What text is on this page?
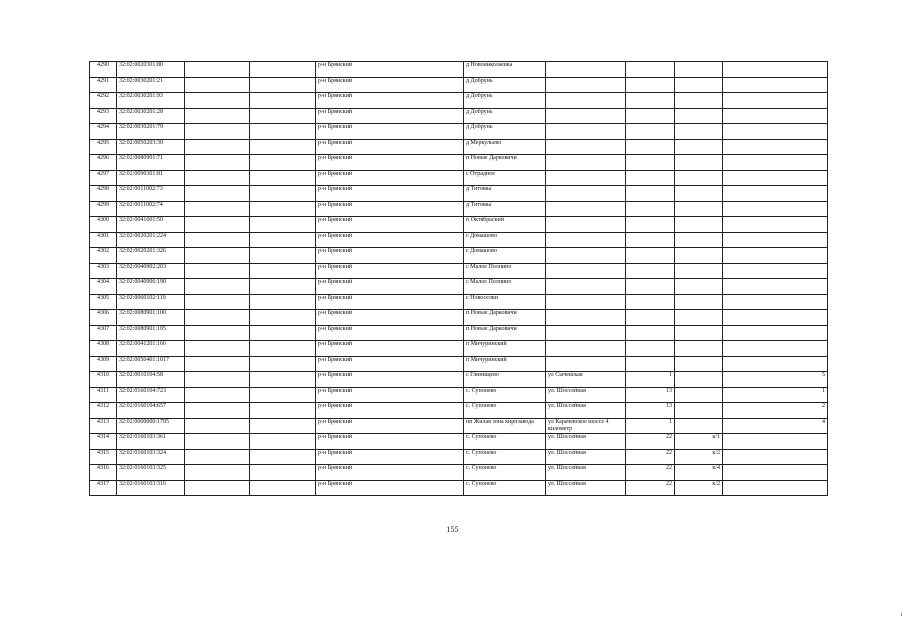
4290	32:02:0020301:80			р-н Брянский	д Новониколаевка				
4291	32:02:0030201:21			р-н Брянский	д Добрунь				
4292	32:02:0030201:93			р-н Брянский	д Добрунь				
4293	32:02:0030201:28			р-н Брянский	д Добрунь				
4294	32:02:0030201:79			р-н Брянский	д Добрунь				
4295	32:02:0050203:30			р-н Брянский	д Меркульево				
4296	32:02:0080901:71			р-н Брянский	п Новые Дарковичи				
4297	32:02:0090301:81			р-н Брянский	с Отрадное				
4298	32:02:0011002:73			р-н Брянский	д Титовка				
4299	32:02:0011002:74			р-н Брянский	д Титовка				
4300	32:02:0041001:50			р-н Брянский	п Октябрьский				
4301	32:02:0020201:224			р-н Брянский	с Домашово				
4302	32:02:0020201:326			р-н Брянский	с Домашово				
4303	32:02:0040902:203			р-н Брянский	с Малое Полпино				
4304	32:02:0040906:190			р-н Брянский	с Малое Полпино				
4305	32:02:0060102:110			р-н Брянский	с Новоселки				
4306	32:02:0080901:100			р-н Брянский	п Новые Дарковичи				
4307	32:02:0080901:105			р-н Брянский	п Новые Дарковичи				
4308	32:02:0041201:166			р-н Брянский	п Мичуринский				
4309	32:02:0050401:1017			р-н Брянский	п Мичуринский				
4310	32:02:0010104:58			р-н Брянский	с Глинищево	ул Сычевская	1		5
4311	32:02:0160104:723			р-н Брянский	с. Супонево	ул. Шоссейная	13		1
4312	32:02:0160104:657			р-н Брянский	с. Супонево	ул. Шоссейная	13		2
4313	32:02:0000000:1705			р-н Брянский	нп Жилая зона кирпзавода	ул Карачевское шоссе 4 километр	1		4
4314	32:02:0160103:361			р-н Брянский	с. Супонево	ул. Шоссейная	22	к/1	
4315	32:02:0160103:324			р-н Брянский	с. Супонево	ул. Шоссейная	22	к/2	
4316	32:02:0160103:325			р-н Брянский	с. Супонево	ул. Шоссейная	22	к/4	
4317	32:02:0160103:316			р-н Брянский	с. Супонево	ул. Шоссейная	22	к/2	
155
